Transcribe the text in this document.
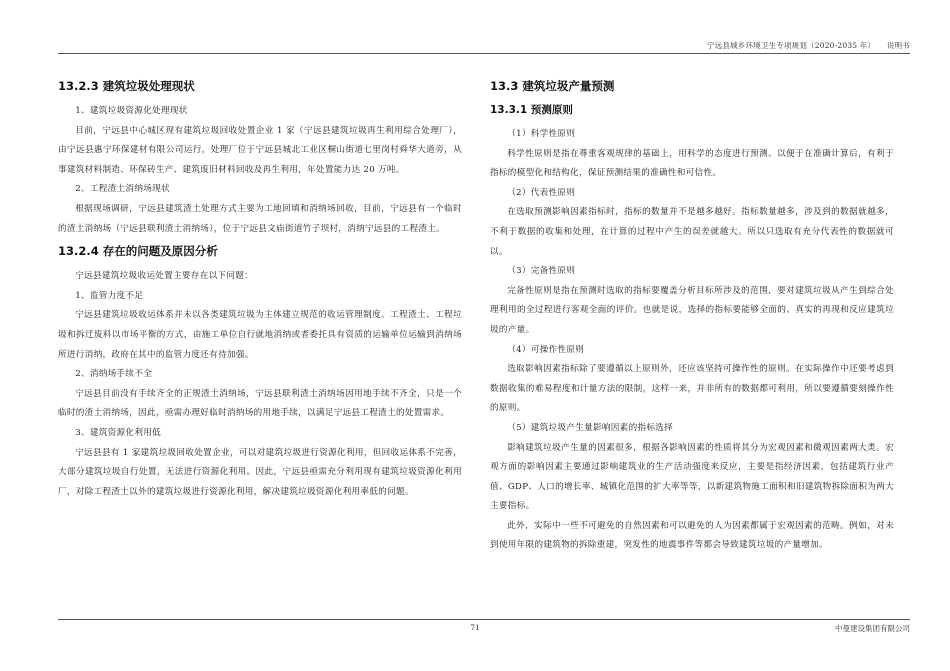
宁远县城乡环境卫生专项规划（2020-2035 年）　　说明书
13.2.3 建筑垃圾处理现状

1、建筑垃圾资源化处理现状

目前，宁远县中心城区现有建筑垃圾回收处置企业 1 家（宁远县建筑垃圾再生利用综合处理厂），由宁远县惠宁环保建材有限公司运行，处理厂位于宁远县城北工业区桐山街道七里岗村舜华大道旁，从事建筑材料制造、环保砖生产、建筑废旧材料回收及再生利用，年处置能力达 20 万吨。

2、工程渣土消纳场现状

根据现场调研，宁远县建筑渣土处理方式主要为工地回填和消纳场回收，目前，宁远县有一个临时的渣土消纳场（宁远县联利渣土消纳场），位于宁远县文庙街道竹子坝村，消纳宁远县的工程渣土。

13.2.4 存在的问题及原因分析

宁远县建筑垃圾收运处置主要存在以下问题：

1、监管力度不足

宁远县建筑垃圾收运体系并未以各类建筑垃圾为主体建立规范的收运管理制度。工程渣土、工程垃圾和拆迁废料以市场平衡的方式，由施工单位自行就地消纳或者委托具有资质的运输单位运输到消纳场所进行消纳，政府在其中的监管力度还有待加强。

2、消纳场手续不全

宁远县目前没有手续齐全的正规渣土消纳场，宁远县联利渣土消纳场因用地手续不齐全，只是一个临时的渣土消纳场，因此，亟需办理好临时消纳场的用地手续，以满足宁远县工程渣土的处置需求。

3、建筑资源化利用低

宁远县县有 1 家建筑垃圾回收处置企业，可以对建筑垃圾进行资源化利用，但回收运体系不完善，大部分建筑垃圾自行处置，无法进行资源化利用。因此，宁远县亟需充分利用现有建筑垃圾资源化利用厂，对除工程渣土以外的建筑垃圾进行资源化利用，解决建筑垃圾资源化利用率低的问题。

13.3 建筑垃圾产量预测
13.3.1 预测原则

（1）科学性原则

科学性原则是指在尊重客观规律的基础上，用科学的态度进行预测。以便于在准确计算后，有利于指标的模型化和结构化，保证预测结果的准确性和可信性。

（2）代表性原则

在选取预测影响因素指标时，指标的数量并不是越多越好。指标数量越多，涉及到的数据就越多，不利于数据的收集和处理，在计算的过程中产生的误差就越大。所以只选取有充分代表性的数据就可以。

（3）完备性原则

完备性原则是指在预测时选取的指标要覆盖分析目标所涉及的范围，要对建筑垃圾从产生到综合处理利用的全过程进行客观全面的评价。也就是说，选择的指标要能够全面的、真实的再现和反应建筑垃圾的产量。

（4）可操作性原则

选取影响因素指标除了要遵循以上原则外，还应该坚持可操作性的原则。在实际操作中还要考虑到数据收集的难易程度和计量方法的限制，这样一来，并非所有的数据都可利用，所以要遵循要刻操作性的原则。

（5）建筑垃圾产生量影响因素的指标选择

影响建筑垃圾产生量的因素很多，根据各影响因素的性质将其分为宏观因素和微观因素两大类。宏观方面的影响因素主要通过影响建筑业的生产活动强度来反应，主要是指经济因素，包括建筑行业产值、GDP、人口的增长率、城镇化范围的扩大率等等，以新建筑物施工面积和旧建筑物拆除面积为两大主要指标。

此外，实际中一些不可避免的自然因素和可以避免的人为因素都属于宏观因素的范畴。例如，对未到使用年限的建筑物的拆除重建，突发性的地震事件等都会导致建筑垃圾的产量增加。

71	中曼建设集团有限公司
